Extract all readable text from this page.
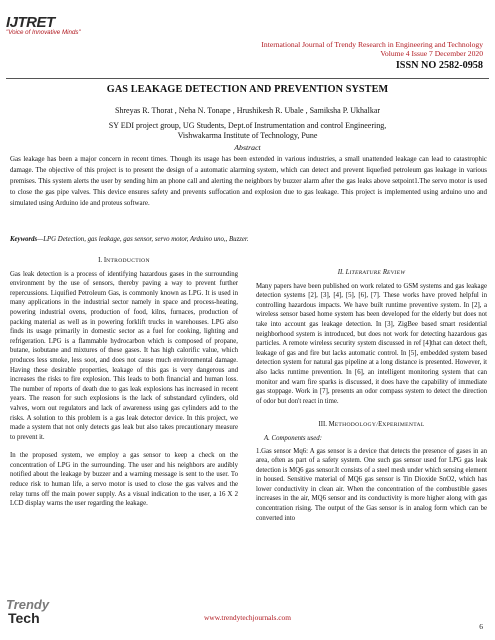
IJTRET
"Voice of Innovative Minds"
International Journal of Trendy Research in Engineering and Technology
Volume 4 Issue 7 December 2020
ISSN NO 2582-0958
GAS LEAKAGE DETECTION AND PREVENTION SYSTEM
Shreyas R. Thorat , Neha N. Tonape , Hrushikesh R. Ubale , Samiksha P. Ukhalkar
SY EDI project group, UG Students, Dept.of Instrumentation and control Engineering,
Vishwakarma Institute of Technology, Pune
Abstract
Gas leakage has been a major concern in recent times. Though its usage has been extended in various industries, a small unattended leakage can lead to catastrophic damage. The objective of this project is to present the design of a automatic alarming system, which can detect and prevent liquefied petroleum gas leakage in various premises. This system alerts the user by sending him an phone call and alerting the neighbors by buzzer alarm after the gas leaks above setpoint1.The servo motor is used to close the gas pipe valves. This device ensures safety and prevents suffocation and explosion due to gas leakage. This project is implemented using arduino uno and simulated using Arduino ide and proteus software.
Keywords—LPG Detection, gas leakage, gas sensor, servo motor, Arduino uno,, Buzzer.
I. INTRODUCTION

Gas leak detection is a process of identifying hazardous gases in the surrounding environment by the use of sensors, thereby paving a way to prevent further repercussions. Liquified Petroleum Gas, is commonly known as LPG. It is used in many applications in the industrial sector namely in space and process-heating, powering industrial ovens, production of food, kilns, furnaces, production of packing material as well as in powering forklift trucks in warehouses. LPG also finds its usage primarily in domestic sector as a fuel for cooking, lighting and refrigeration. LPG is a flammable hydrocarbon which is composed of propane, butane, isobutane and mixtures of these gases. It has high calorific value, which produces less smoke, less soot, and does not cause much environmental damage. Having these desirable properties, leakage of this gas is very dangerous and increases the risks to fire explosion. This leads to both financial and human loss. The number of reports of death due to gas leak explosions has increased in recent years. The reason for such explosions is the lack of substandard cylinders, old valves, worn out regulators and lack of awareness using gas cylinders add to the risks. A solution to this problem is a gas leak detector device. In this project, we made a system that not only detects gas leak but also takes precautionary measure to prevent it.

In the proposed system, we employ a gas sensor to keep a check on the concentration of LPG in the surrounding. The user and his neighbors are audibly notified about the leakage by buzzer and a warning message is sent to the user. To reduce risk to human life, a servo motor is used to close the gas valves and the relay turns off the main power supply. As a visual indication to the user, a 16 X 2 LCD display warns the user regarding the leakage.

II. LITERATURE REVIEW

Many papers have been published on work related to GSM systems and gas leakage detection systems [2], [3], [4], [5], [6], [7]. These works have proved helpful in controlling hazardous impacts. We have built runtime preventive system. In [2], a wireless sensor based home system has been developed for the elderly but does not take into account gas leakage detection. In [3], ZigBee based smart residential neighborhood system is introduced, but does not work for detecting hazardous gas particles. A remote wireless security system discussed in ref [4]that can detect theft, leakage of gas and fire but lacks automatic control. In [5], embedded system based detection system for natural gas pipeline at a long distance is presented. However, it also lacks runtime prevention. In [6], an intelligent monitoring system that can monitor and warn fire sparks is discussed, it does have the capability of immediate gas stoppage. Work in [7], presents an odor compass system to detect the direction of odor but don't react in time.

III. METHODOLOGY/EXPERIMENTAL
A. Components used:

1.Gas sensor Mq6: A gas sensor is a device that detects the presence of gases in an area, often as part of a safety system. One such gas sensor used for LPG gas leak detection is MQ6 gas sensor.It consists of a steel mesh under which sensing element in housed. Sensitive material of MQ6 gas sensor is Tin Dioxide SnO2, which has lower conductivity in clean air. When the concentration of the combustible gases increases in the air, MQ6 sensor and its conductivity is more higher along with gas concentration rising. The output of the Gas sensor is in analog form which can be converted into

Trendy
Tech	www.trendytechjournals.com
6
